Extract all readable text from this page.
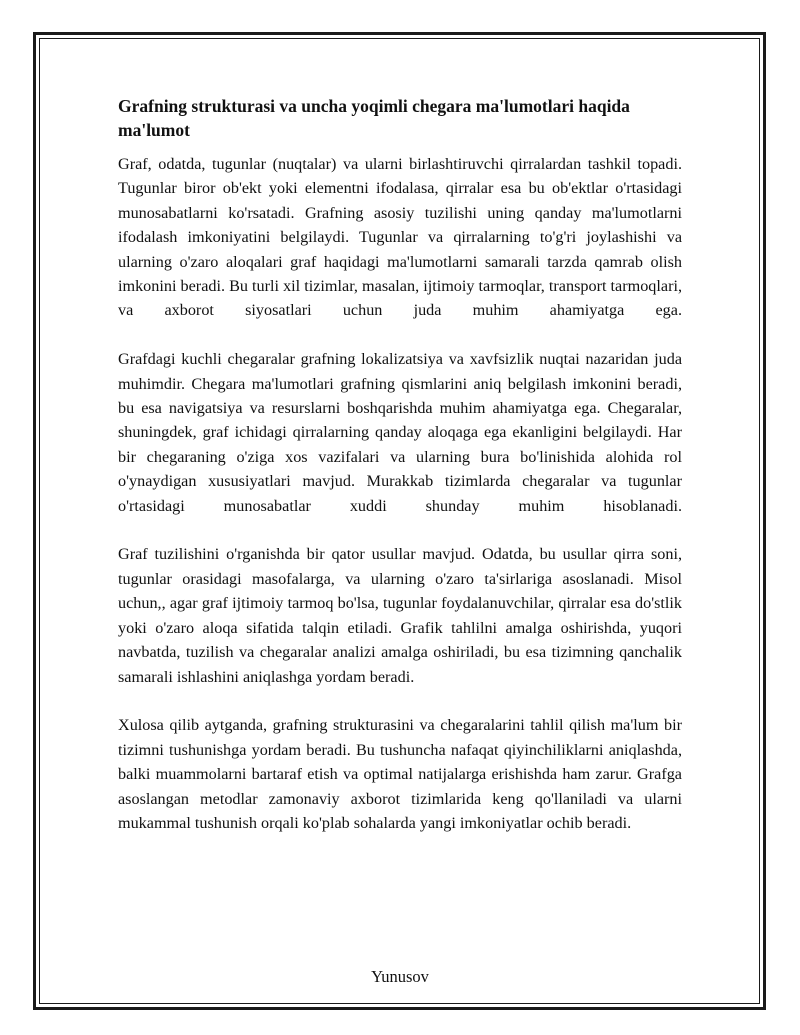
Grafning strukturasi va uncha yoqimli chegara ma'lumotlari haqida ma'lumot

Graf, odatda, tugunlar (nuqtalar) va ularni birlashtiruvchi qirralardan tashkil topadi. Tugunlar biror ob'ekt yoki elementni ifodalasa, qirralar esa bu ob'ektlar o'rtasidagi munosabatlarni ko'rsatadi. Grafning asosiy tuzilishi uning qanday ma'lumotlarni ifodalash imkoniyatini belgilaydi. Tugunlar va qirralarning to'g'ri joylashishi va ularning o'zaro aloqalari graf haqidagi ma'lumotlarni samarali tarzda qamrab olish imkonini beradi. Bu turli xil tizimlar, masalan, ijtimoiy tarmoqlar, transport tarmoqlari, va axborot siyosatlari uchun juda muhim ahamiyatga ega.

Grafdagi kuchli chegaralar grafning lokalizatsiya va xavfsizlik nuqtai nazaridan juda muhimdir. Chegara ma'lumotlari grafning qismlarini aniq belgilash imkonini beradi, bu esa navigatsiya va resurslarni boshqarishda muhim ahamiyatga ega. Chegaralar, shuningdek, graf ichidagi qirralarning qanday aloqaga ega ekanligini belgilaydi. Har bir chegaraning o'ziga xos vazifalari va ularning bura bo'linishida alohida rol o'ynaydigan xususiyatlari mavjud. Murakkab tizimlarda chegaralar va tugunlar o'rtasidagi munosabatlar xuddi shunday muhim hisoblanadi.

Graf tuzilishini o'rganishda bir qator usullar mavjud. Odatda, bu usullar qirra soni, tugunlar orasidagi masofalarga, va ularning o'zaro ta'sirlariga asoslanadi. Misol uchun,, agar graf ijtimoiy tarmoq bo'lsa, tugunlar foydalanuvchilar, qirralar esa do'stlik yoki o'zaro aloqa sifatida talqin etiladi. Grafik tahlilni amalga oshirishda, yuqori navbatda, tuzilish va chegaralar analizi amalga oshiriladi, bu esa tizimning qanchalik samarali ishlashini aniqlashga yordam beradi.

Xulosa qilib aytganda, grafning strukturasini va chegaralarini tahlil qilish ma'lum bir tizimni tushunishga yordam beradi. Bu tushuncha nafaqat qiyinchiliklarni aniqlashda, balki muammolarni bartaraf etish va optimal natijalarga erishishda ham zarur. Grafga asoslangan metodlar zamonaviy axborot tizimlarida keng qo'llaniladi va ularni mukammal tushunish orqali ko'plab sohalarda yangi imkoniyatlar ochib beradi.

Yunusov
